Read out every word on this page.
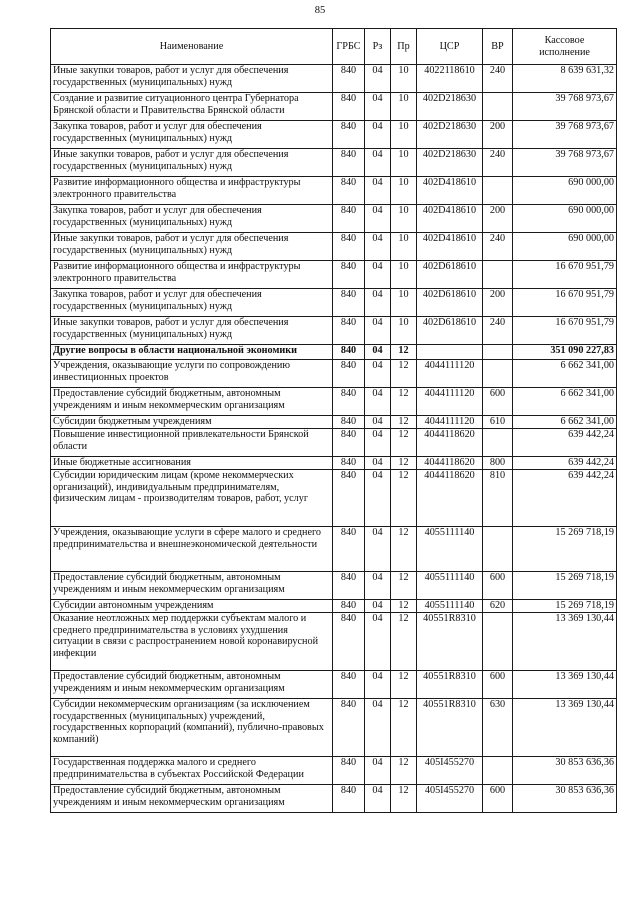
85
Наименование	ГРБС	Рз	Пр	ЦСР	ВР	Кассовое
исполнение
Иные закупки товаров, работ и услуг для обеспечения государственных (муниципальных) нужд	840	04	10	4022118610	240	8 639 631,32
Создание и развитие ситуационного центра Губернатора Брянской области и Правительства Брянской области	840	04	10	402D218630		39 768 973,67
Закупка товаров, работ и услуг для обеспечения государственных (муниципальных) нужд	840	04	10	402D218630	200	39 768 973,67
Иные закупки товаров, работ и услуг для обеспечения государственных (муниципальных) нужд	840	04	10	402D218630	240	39 768 973,67
Развитие информационного общества и инфраструктуры электронного правительства	840	04	10	402D418610		690 000,00
Закупка товаров, работ и услуг для обеспечения государственных (муниципальных) нужд	840	04	10	402D418610	200	690 000,00
Иные закупки товаров, работ и услуг для обеспечения государственных (муниципальных) нужд	840	04	10	402D418610	240	690 000,00
Развитие информационного общества и инфраструктуры электронного правительства	840	04	10	402D618610		16 670 951,79
Закупка товаров, работ и услуг для обеспечения государственных (муниципальных) нужд	840	04	10	402D618610	200	16 670 951,79
Иные закупки товаров, работ и услуг для обеспечения государственных (муниципальных) нужд	840	04	10	402D618610	240	16 670 951,79
Другие вопросы в области национальной экономики	840	04	12			351 090 227,83
Учреждения, оказывающие услуги по сопровождению инвестиционных проектов	840	04	12	4044111120		6 662 341,00
Предоставление субсидий бюджетным, автономным учреждениям и иным некоммерческим организациям	840	04	12	4044111120	600	6 662 341,00
Субсидии бюджетным учреждениям	840	04	12	4044111120	610	6 662 341,00
Повышение инвестиционной привлекательности Брянской области	840	04	12	4044118620		639 442,24
Иные бюджетные ассигнования	840	04	12	4044118620	800	639 442,24
Субсидии юридическим лицам (кроме некоммерческих организаций), индивидуальным предпринимателям, физическим лицам - производителям товаров, работ, услуг	840	04	12	4044118620	810	639 442,24
Учреждения, оказывающие услуги в сфере малого и среднего предпринимательства и внешнеэкономической деятельности	840	04	12	4055111140		15 269 718,19
Предоставление субсидий бюджетным, автономным учреждениям и иным некоммерческим организациям	840	04	12	4055111140	600	15 269 718,19
Субсидии автономным учреждениям	840	04	12	4055111140	620	15 269 718,19
Оказание неотложных мер поддержки субъектам малого и среднего предпринимательства в условиях ухудшения ситуации в связи с распространением новой коронавирусной инфекции	840	04	12	40551R8310		13 369 130,44
Предоставление субсидий бюджетным, автономным учреждениям и иным некоммерческим организациям	840	04	12	40551R8310	600	13 369 130,44
Субсидии некоммерческим организациям (за исключением государственных (муниципальных) учреждений, государственных корпораций (компаний), публично-правовых компаний)	840	04	12	40551R8310	630	13 369 130,44
Государственная поддержка малого и среднего предпринимательства в субъектах Российской Федерации	840	04	12	405I455270		30 853 636,36
Предоставление субсидий бюджетным, автономным учреждениям и иным некоммерческим организациям	840	04	12	405I455270	600	30 853 636,36
